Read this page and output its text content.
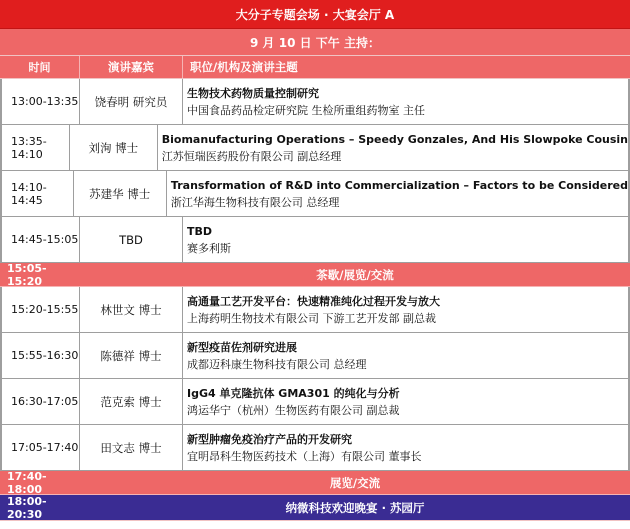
大分子专题会场 · 大宴会厅 A
9 月 10 日 下午 主持：
时间	演讲嘉宾	职位/机构及演讲主题
13:00-13:35	饶春明 研究员
生物技术药物质量控制研究
中国食品药品检定研究院 生检所重组药物室 主任
13:35-14:10	刘洵 博士
Biomanufacturing Operations – Speedy Gonzales, And His Slowpoke Cousin
江苏恒瑞医药股份有限公司 副总经理
14:10-14:45	苏建华 博士
Transformation of R&D into Commercialization – Factors to be Considered
浙江华海生物科技有限公司 总经理
14:45-15:05	TBD
TBD
赛多利斯
15:05-15:20	茶歇/展览/交流
15:20-15:55	林世文 博士
高通量工艺开发平台：快速精准纯化过程开发与放大
上海药明生物技术有限公司 下游工艺开发部 副总裁
15:55-16:30	陈德祥 博士
新型疫苗佐剂研究进展
成都迈科康生物科技有限公司 总经理
16:30-17:05	范克索 博士
IgG4 单克隆抗体 GMA301 的纯化与分析
鸿运华宁（杭州）生物医药有限公司 副总裁
17:05-17:40	田文志 博士
新型肿瘤免疫治疗产品的开发研究
宜明昂科生物医药技术（上海）有限公司 董事长
17:40-18:00	展览/交流
18:00-20:30	纳微科技欢迎晚宴 · 苏园厅
